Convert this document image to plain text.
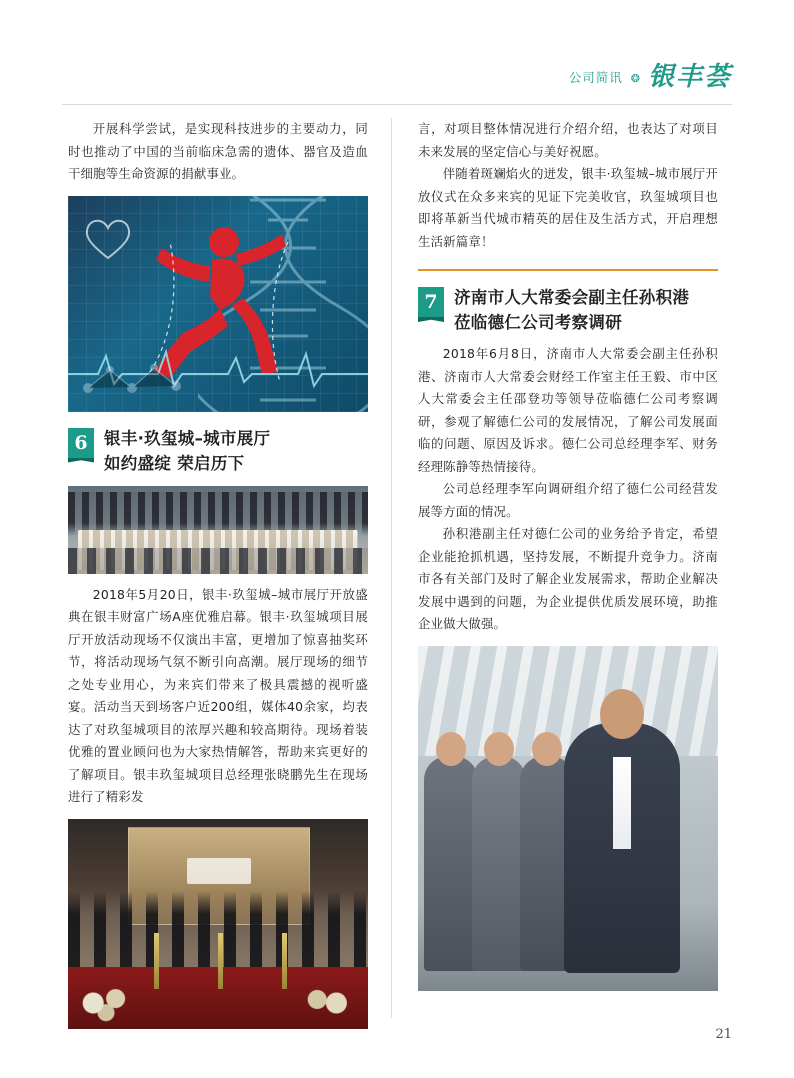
公司简讯 ❂ 银丰荟

开展科学尝试，是实现科技进步的主要动力，同时也推动了中国的当前临床急需的遗体、器官及造血干细胞等生命资源的捐献事业。

6 银丰·玖玺城–城市展厅
如约盛绽 荣启历下

2018年5月20日，银丰·玖玺城–城市展厅开放盛典在银丰财富广场A座优雅启幕。银丰·玖玺城项目展厅开放活动现场不仅演出丰富，更增加了惊喜抽奖环节，将活动现场气氛不断引向高潮。展厅现场的细节之处专业用心，为来宾们带来了极具震撼的视听盛宴。活动当天到场客户近200组，媒体40余家，均表达了对玖玺城项目的浓厚兴趣和较高期待。现场着装优雅的置业顾问也为大家热情解答，帮助来宾更好的了解项目。银丰玖玺城项目总经理张晓鹏先生在现场进行了精彩发

言，对项目整体情况进行介绍介绍，也表达了对项目未来发展的坚定信心与美好祝愿。

伴随着斑斓焰火的迸发，银丰·玖玺城–城市展厅开放仪式在众多来宾的见证下完美收官，玖玺城项目也即将革新当代城市精英的居住及生活方式，开启理想生活新篇章！

7 济南市人大常委会副主任孙积港
莅临德仁公司考察调研

2018年6月8日，济南市人大常委会副主任孙积港、济南市人大常委会财经工作室主任王毅、市中区人大常委会主任邵登功等领导莅临德仁公司考察调研，参观了解德仁公司的发展情况，了解公司发展面临的问题、原因及诉求。德仁公司总经理李军、财务经理陈静等热情接待。

公司总经理李军向调研组介绍了德仁公司经营发展等方面的情况。

孙积港副主任对德仁公司的业务给予肯定，希望企业能抢抓机遇，坚持发展，不断提升竞争力。济南市各有关部门及时了解企业发展需求，帮助企业解决发展中遇到的问题，为企业提供优质发展环境，助推企业做大做强。

21
